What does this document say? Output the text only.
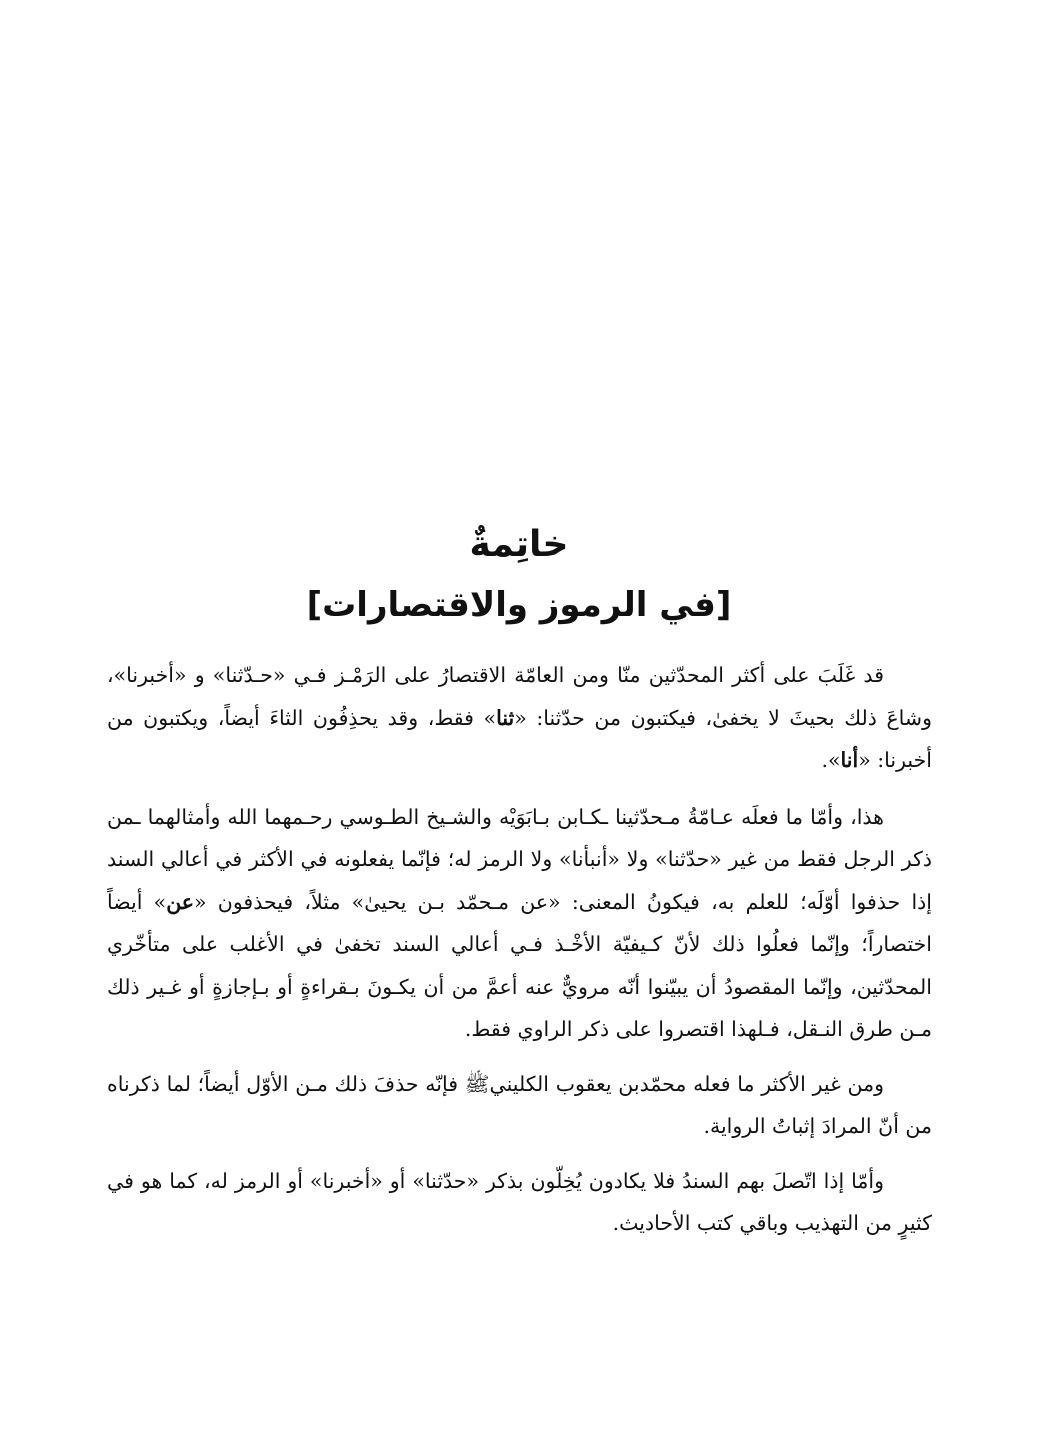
خاتِمةٌ
[في الرموز والاقتصارات]

قد غَلَبَ على أكثر المحدّثين منّا ومن العامّة الاقتصارُ على الرَمْـز فـي «حـدّثنا» و «أخبرنا»، وشاعَ ذلك بحيثَ لا يخفىٰ، فيكتبون من حدّثنا: «ثنا» فقط، وقد يحذِفُون الثاءَ أيضاً، ويكتبون من أخبرنا: «أنا».

هذا، وأمّا ما فعلَه عـامّةُ مـحدّثينا ـكـابن بـابَوَيْه والشـيخ الطـوسي رحـمهما الله وأمثالهما ـمن ذكر الرجل فقط من غير «حدّثنا» ولا «أنبأنا» ولا الرمز له؛ فإنّما يفعلونه في الأكثر في أعالي السند إذا حذفوا أوّلَه؛ للعلم به، فيكونُ المعنى: «عن مـحمّد بـن يحيىٰ» مثلاً، فيحذفون «عن» أيضاً اختصاراً؛ وإنّما فعلُوا ذلك لأنّ كـيفيّة الأخْـذ فـي أعالي السند تخفىٰ في الأغلب على متأخّري المحدّثين، وإنّما المقصودُ أن يبيّنوا أنّه مرويٌّ عنه أعمَّ من أن يكـونَ بـقراءةٍ أو بـإجازةٍ أو غـير ذلك مـن طرق النـقل، فـلهذا اقتصروا على ذكر الراوي فقط.

ومن غير الأكثر ما فعله محمّدبن يعقوب الكلينيﷺ فإنّه حذفَ ذلك مـن الأوّل أيضاً؛ لما ذكرناه من أنّ المرادَ إثباتُ الرواية.

وأمّا إذا اتّصلَ بهم السندُ فلا يكادون يُخِلّون بذكر «حدّثنا» أو «أخبرنا» أو الرمز له، كما هو في كثيرٍ من التهذيب وباقي كتب الأحاديث.
